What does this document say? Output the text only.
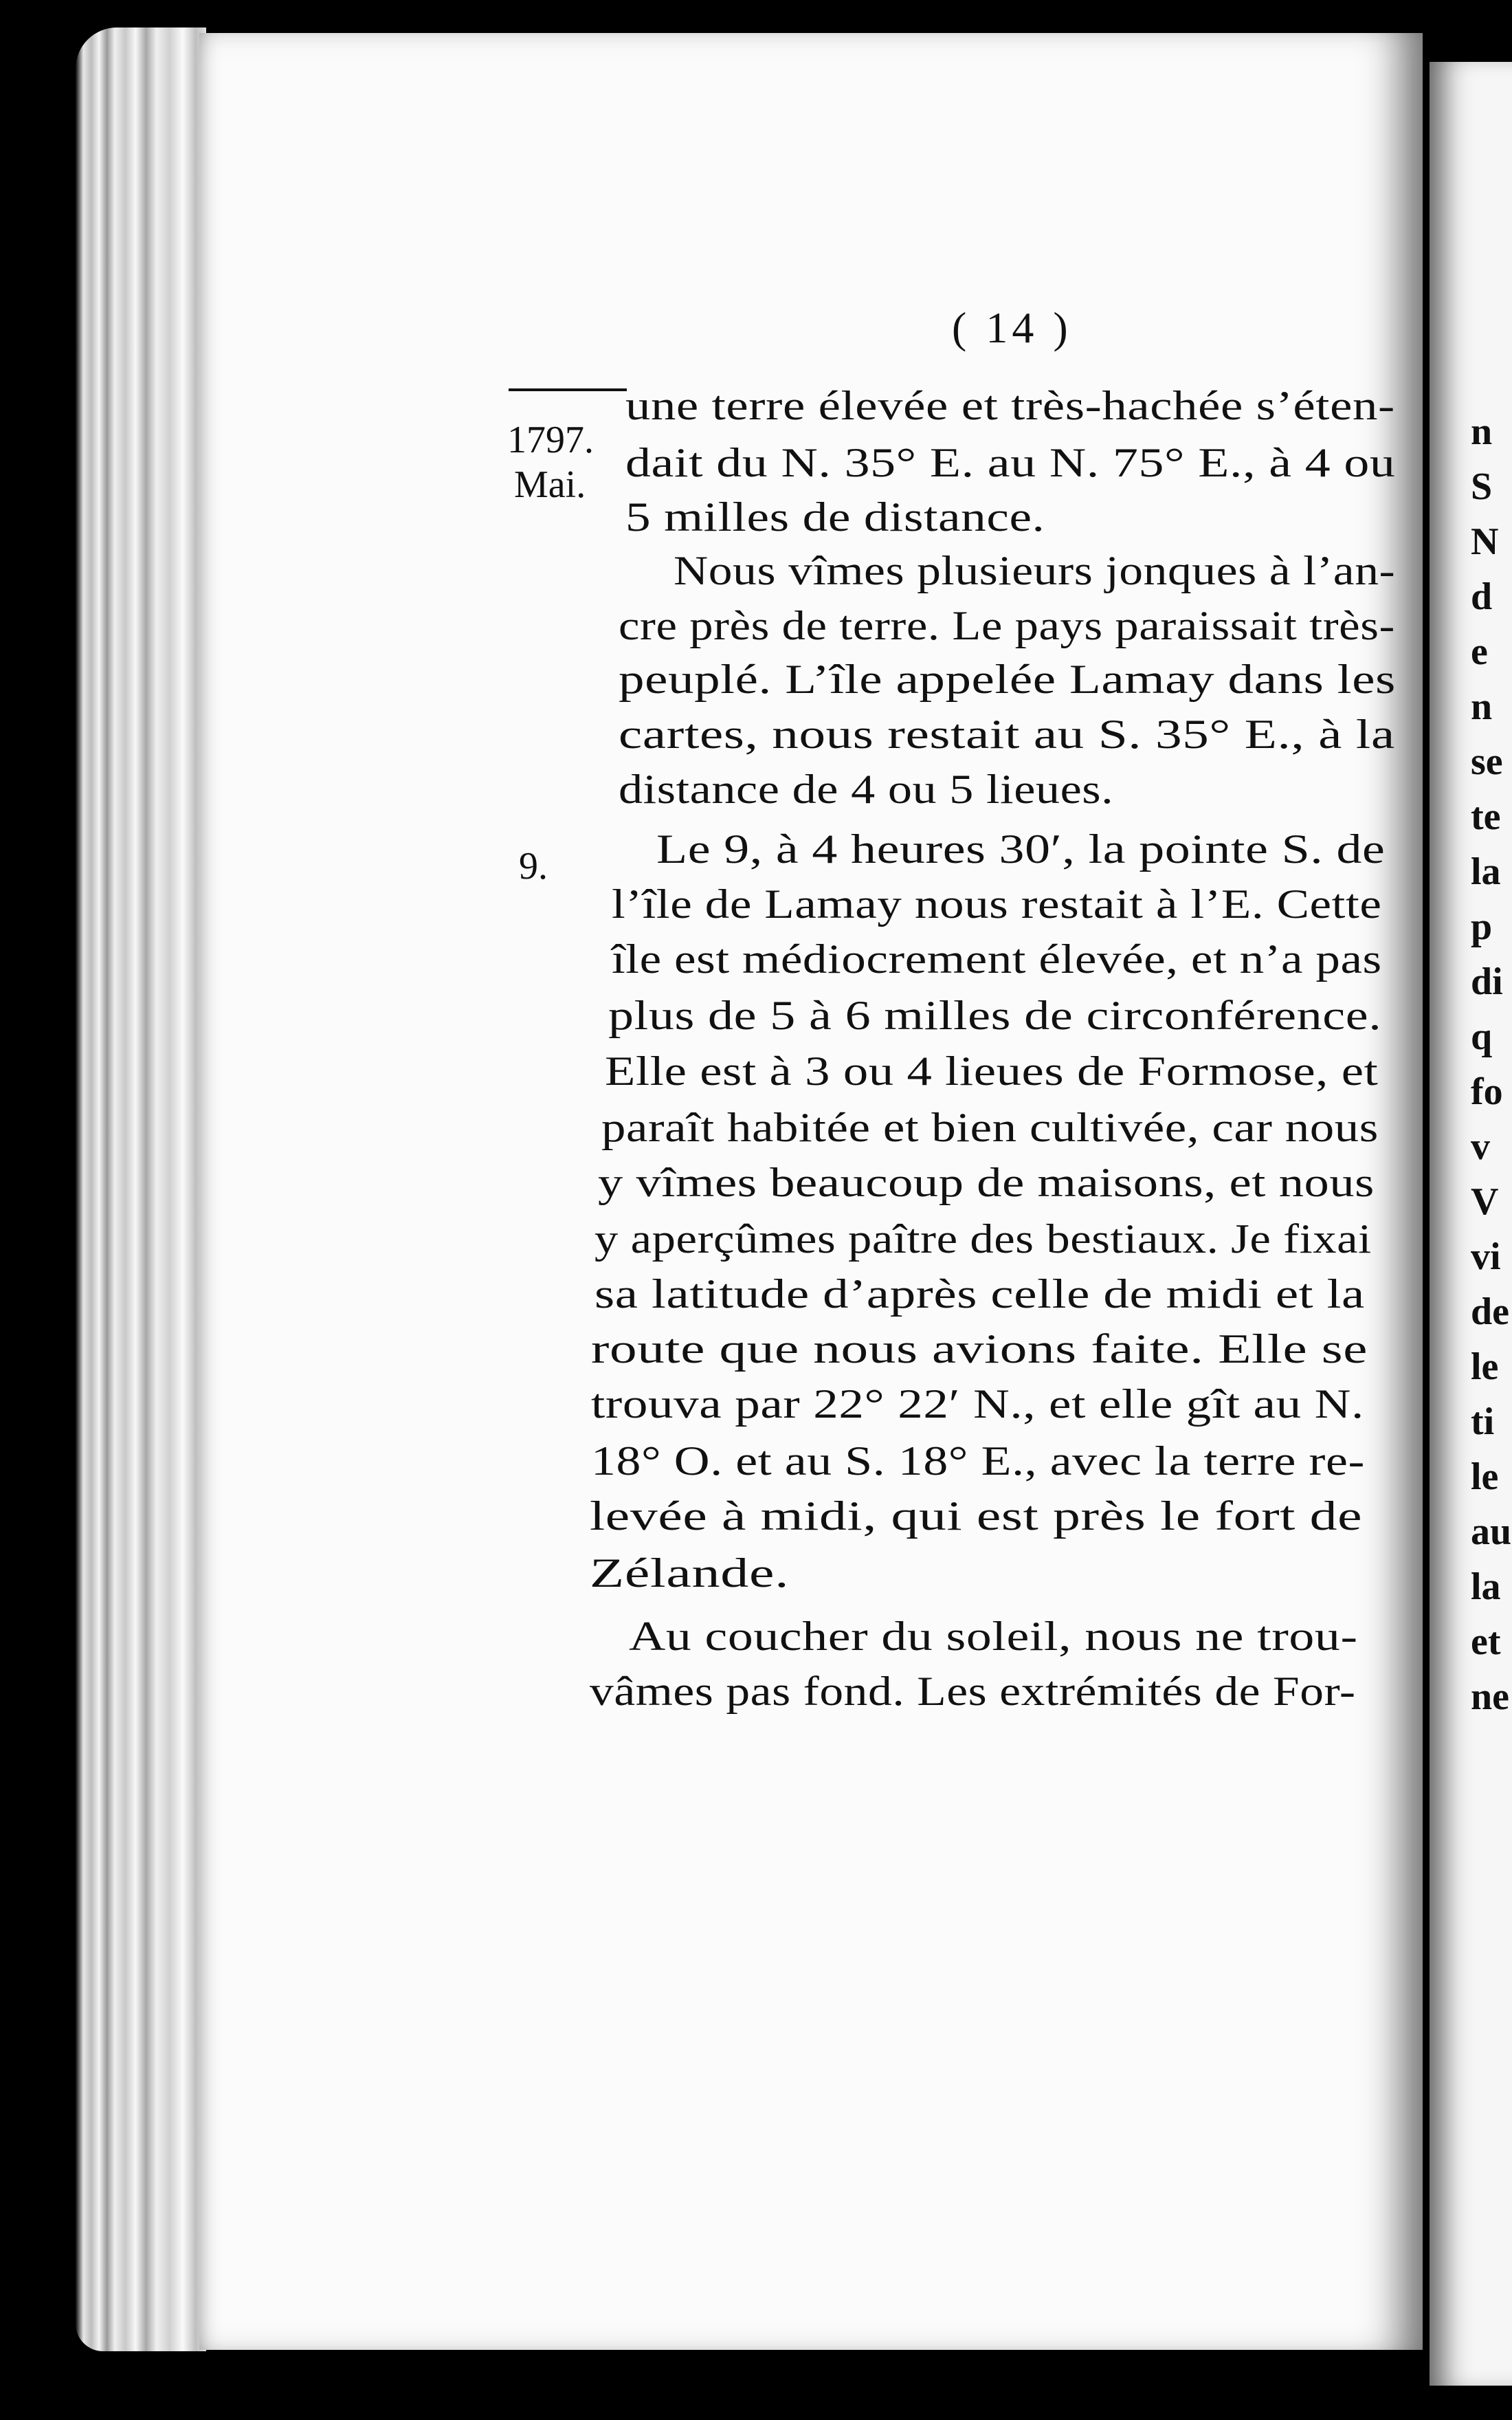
( 14 )
1797.
Mai.
9.
une terre élevée et très-hachée s’éten-
dait du N. 35° E. au N. 75° E., à 4 ou
5 milles de distance.
Nous vîmes plusieurs jonques à l’an-
cre près de terre. Le pays paraissait très-
peuplé. L’île appelée Lamay dans les
cartes, nous restait au S. 35° E., à la
distance de 4 ou 5 lieues.
Le 9, à 4 heures 30′, la pointe S. de
l’île de Lamay nous restait à l’E. Cette
île est médiocrement élevée, et n’a pas
plus de 5 à 6 milles de circonférence.
Elle est à 3 ou 4 lieues de Formose, et
paraît habitée et bien cultivée, car nous
y vîmes beaucoup de maisons, et nous
y aperçûmes paître des bestiaux. Je fixai
sa latitude d’après celle de midi et la
route que nous avions faite. Elle se
trouva par 22° 22′ N., et elle gît au N.
18° O. et au S. 18° E., avec la terre re-
levée à midi, qui est près le fort de
Zélande.
Au coucher du soleil, nous ne trou-
vâmes pas fond. Les extrémités de For-
n
S
N
d
e
n
se
te
la
p
di
q
fo
v
V
vi
de
le
ti
le
au
la
et
ne
